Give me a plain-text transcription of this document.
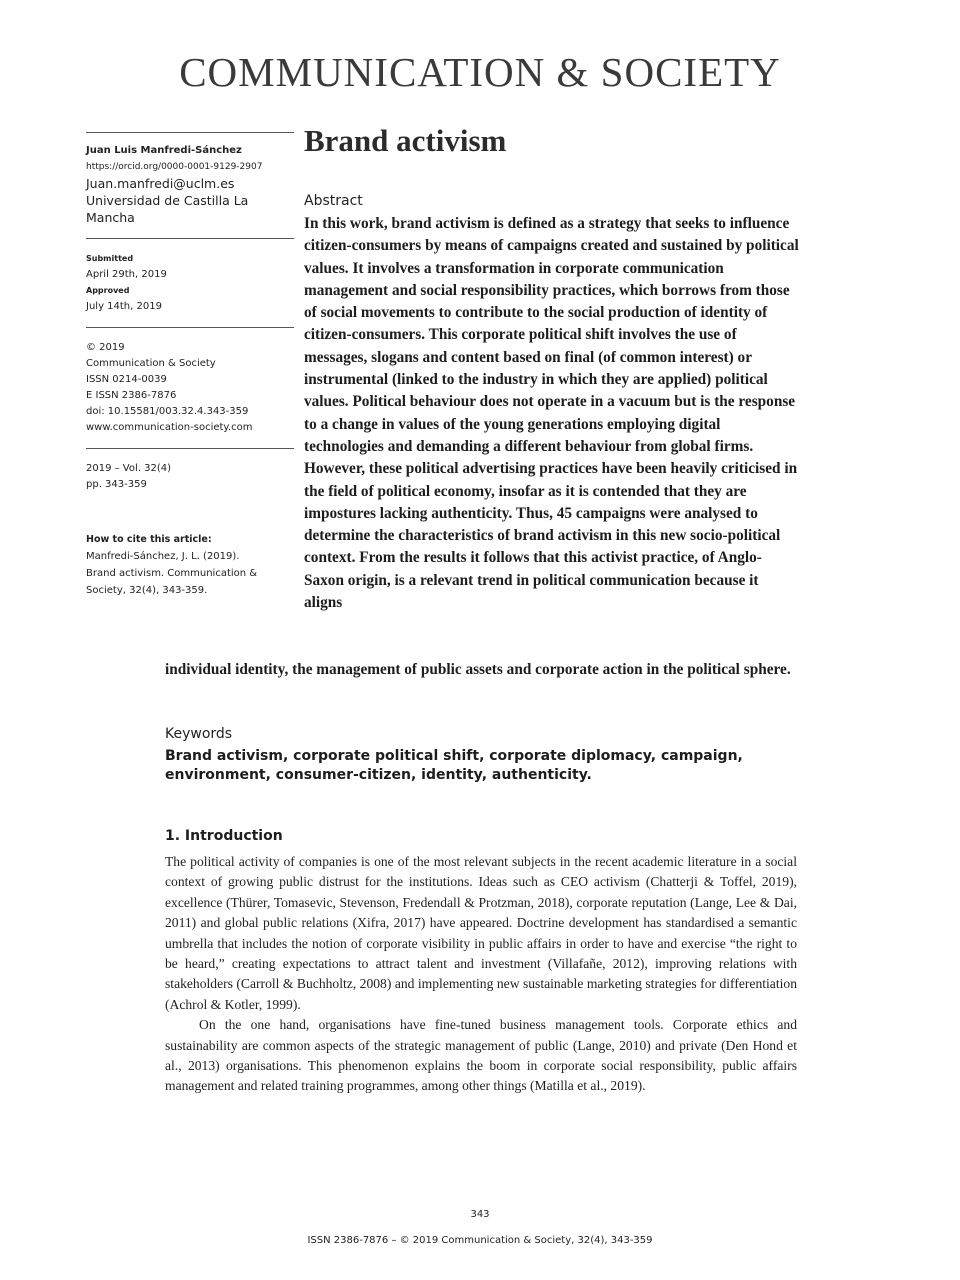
COMMUNICATION & SOCIETY
Juan Luis Manfredi-Sánchez
https://orcid.org/0000-0001-9129-2907
Juan.manfredi@uclm.es
Universidad de Castilla La Mancha
Submitted
April 29th, 2019
Approved
July 14th, 2019
© 2019
Communication & Society
ISSN 0214-0039
E ISSN 2386-7876
doi: 10.15581/003.32.4.343-359
www.communication-society.com
2019 – Vol. 32(4)
pp. 343-359
How to cite this article:
Manfredi-Sánchez, J. L. (2019).
Brand activism. Communication & Society, 32(4), 343-359.
Brand activism
Abstract

In this work, brand activism is defined as a strategy that seeks to influence citizen-consumers by means of campaigns created and sustained by political values. It involves a transformation in corporate communication management and social responsibility practices, which borrows from those of social movements to contribute to the social production of identity of citizen-consumers. This corporate political shift involves the use of messages, slogans and content based on final (of common interest) or instrumental (linked to the industry in which they are applied) political values. Political behaviour does not operate in a vacuum but is the response to a change in values of the young generations employing digital technologies and demanding a different behaviour from global firms. However, these political advertising practices have been heavily criticised in the field of political economy, insofar as it is contended that they are impostures lacking authenticity. Thus, 45 campaigns were analysed to determine the characteristics of brand activism in this new socio-political context. From the results it follows that this activist practice, of Anglo-Saxon origin, is a relevant trend in political communication because it aligns

individual identity, the management of public assets and corporate action in the political sphere.

Keywords

Brand activism, corporate political shift, corporate diplomacy, campaign, environment, consumer-citizen, identity, authenticity.

1. Introduction

The political activity of companies is one of the most relevant subjects in the recent academic literature in a social context of growing public distrust for the institutions. Ideas such as CEO activism (Chatterji & Toffel, 2019), excellence (Thürer, Tomasevic, Stevenson, Fredendall & Protzman, 2018), corporate reputation (Lange, Lee & Dai, 2011) and global public relations (Xifra, 2017) have appeared. Doctrine development has standardised a semantic umbrella that includes the notion of corporate visibility in public affairs in order to have and exercise “the right to be heard,” creating expectations to attract talent and investment (Villafañe, 2012), improving relations with stakeholders (Carroll & Buchholtz, 2008) and implementing new sustainable marketing strategies for differentiation (Achrol & Kotler, 1999).

On the one hand, organisations have fine-tuned business management tools. Corporate ethics and sustainability are common aspects of the strategic management of public (Lange, 2010) and private (Den Hond et al., 2013) organisations. This phenomenon explains the boom in corporate social responsibility, public affairs management and related training programmes, among other things (Matilla et al., 2019).

343
ISSN 2386-7876 – © 2019 Communication & Society, 32(4), 343-359
